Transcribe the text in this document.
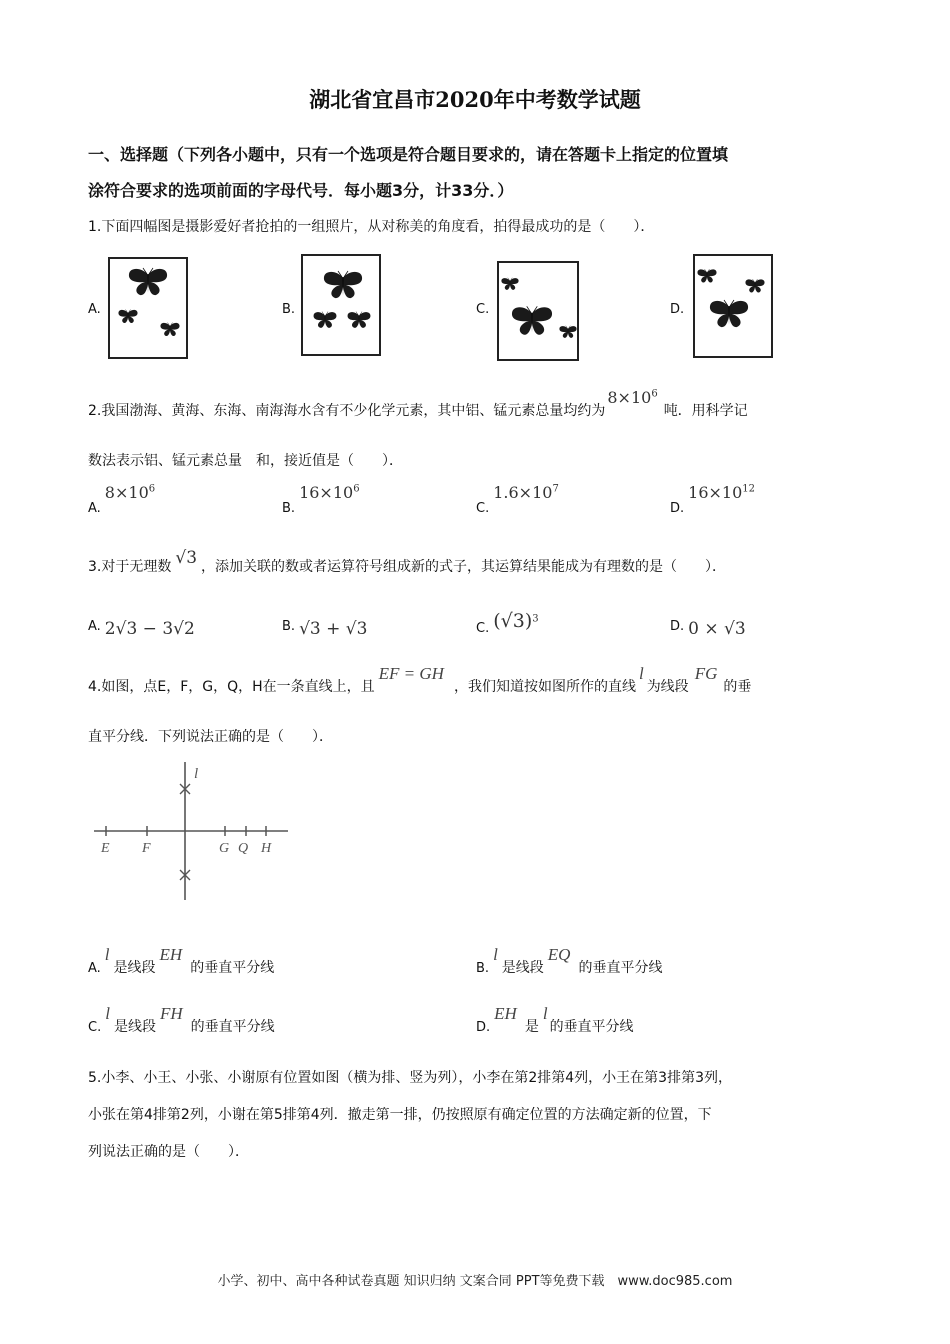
湖北省宜昌市2020年中考数学试题
一、选择题（下列各小题中，只有一个选项是符合题目要求的，请在答题卡上指定的位置填
涂符合要求的选项前面的字母代号．每小题3分，计33分．）
1.下面四幅图是摄影爱好者抢拍的一组照片，从对称美的角度看，拍得最成功的是（　　）．
A.	B.	C.	D.
2.我国渤海、黄海、东海、南海海水含有不少化学元素，其中铝、锰元素总量均约为$8\times 10^6$吨．用科学记
数法表示铝、锰元素总量　和，接近值是（　　）．
$A.8\times 10^6$
$B.16\times 10^6$
$C.1.6\times 10^7$
$D.16\times 10^{12}$
3.对于无理数 √3 ，添加关联的数或者运算符号组成新的式子，其运算结果能成为有理数的是（　　）．
A. 2√3 − 3√2	B. √3 + √3	C. $(√3)^3$	D. 0 × √3
4.如图，点E，F，G，Q，H在一条直线上，且EF = GH，我们知道按如图所作的直线l为线段FG的垂
直平分线．下列说法正确的是（　　）．
l
E F	G Q H
A.l是线段EH的垂直平分线	B.l是线段EQ的垂直平分线
C.l是线段FH的垂直平分线	D.EH是l的垂直平分线
5.小李、小王、小张、小谢原有位置如图（横为排、竖为列），小李在第2排第4列，小王在第3排第3列，
小张在第4排第2列，小谢在第5排第4列．撤走第一排，仍按照原有确定位置的方法确定新的位置，下
列说法正确的是（　　）．
小学、初中、高中各种试卷真题 知识归纳 文案合同 PPT等免费下载　www.doc985.com
